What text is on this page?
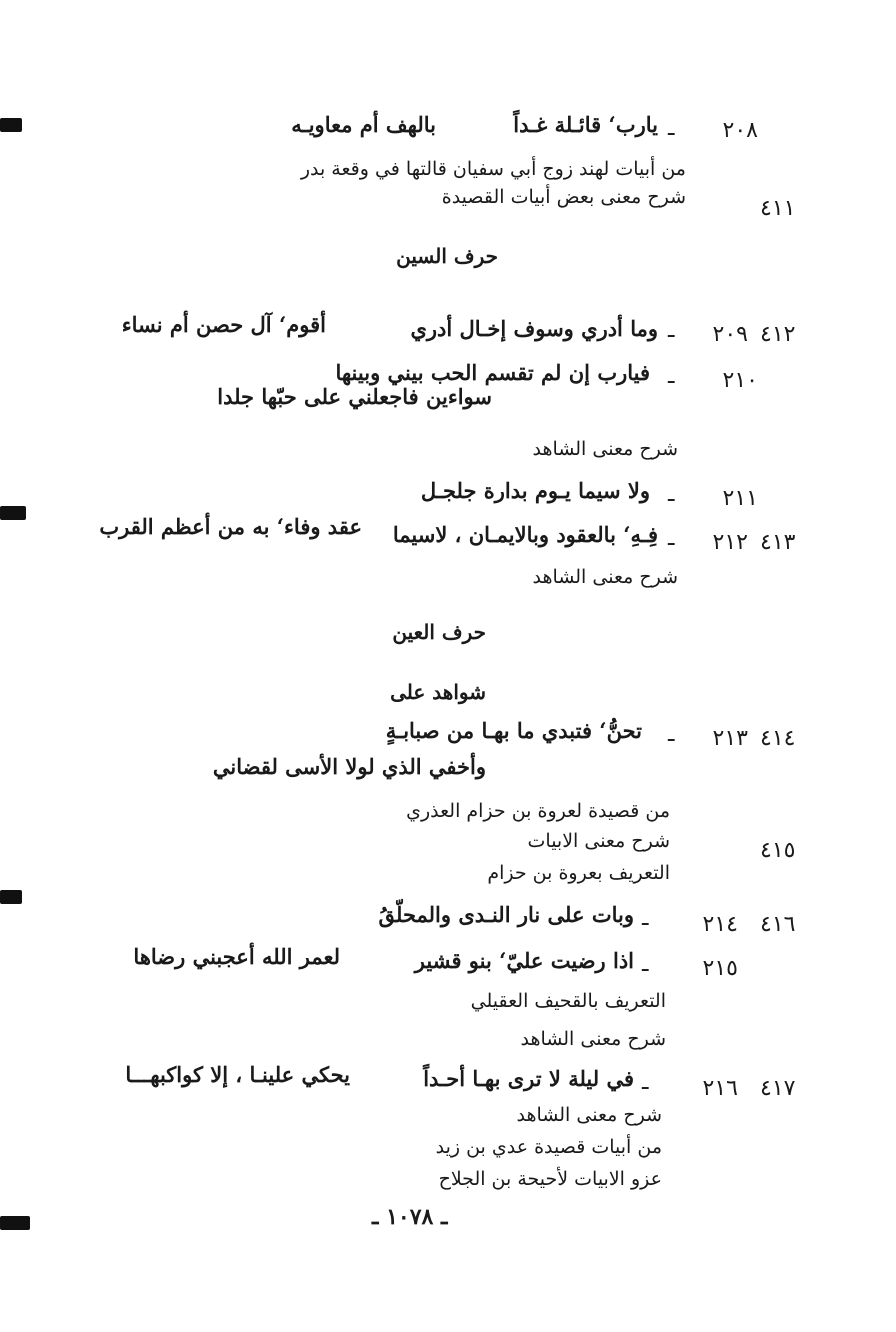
٢٠٨
ـ
يارب‘ قائـلة غـداً
بالهف أم معاويـه
من أبيات لهند زوج أبي سفيان قالتها في وقعة بدر
٤١١
شرح معنى بعض أبيات القصيدة
حرف السين
٤١٢
٢٠٩
ـ
وما أدري وسوف إخـال أدري
أقوم‘ آل حصن أم نساء
٢١٠
ـ
فيارب إن لم تقسم الحب بيني وبينها
سواءين فاجعلني على حبّها جلدا
شرح معنى الشاهد
٢١١
ـ
ولا سيما يـوم بدارة جلجـل
٤١٣
٢١٢
ـ
فِـهِ‘ بالعقود وبالايمـان ، لاسيما
عقد وفاء‘ به من أعظم القرب
شرح معنى الشاهد
حرف العين
شواهد على
٤١٤
٢١٣
ـ
تحنُّ‘ فتبدي ما بهـا من صبابـةٍ
وأخفي الذي لولا الأسى لقضاني
من قصيدة لعروة بن حزام العذري
٤١٥
شرح معنى الابيات
التعريف بعروة بن حزام
٤١٦
٢١٤
ـ
وبات على نار النـدى والمحلّقُ
٢١٥
ـ
اذا رضيت عليّ‘ بنو قشير
لعمر الله أعجبني رضاها
التعريف بالقحيف العقيلي
شرح معنى الشاهد
٤١٧
٢١٦
ـ
في ليلة لا ترى بهـا أحـداً
يحكي علينـا ، إلا كواكبهـــا
شرح معنى الشاهد
من أبيات قصيدة عدي بن زيد
عزو الابيات لأحيحة بن الجلاح
ـ ١٠٧٨ ـ
